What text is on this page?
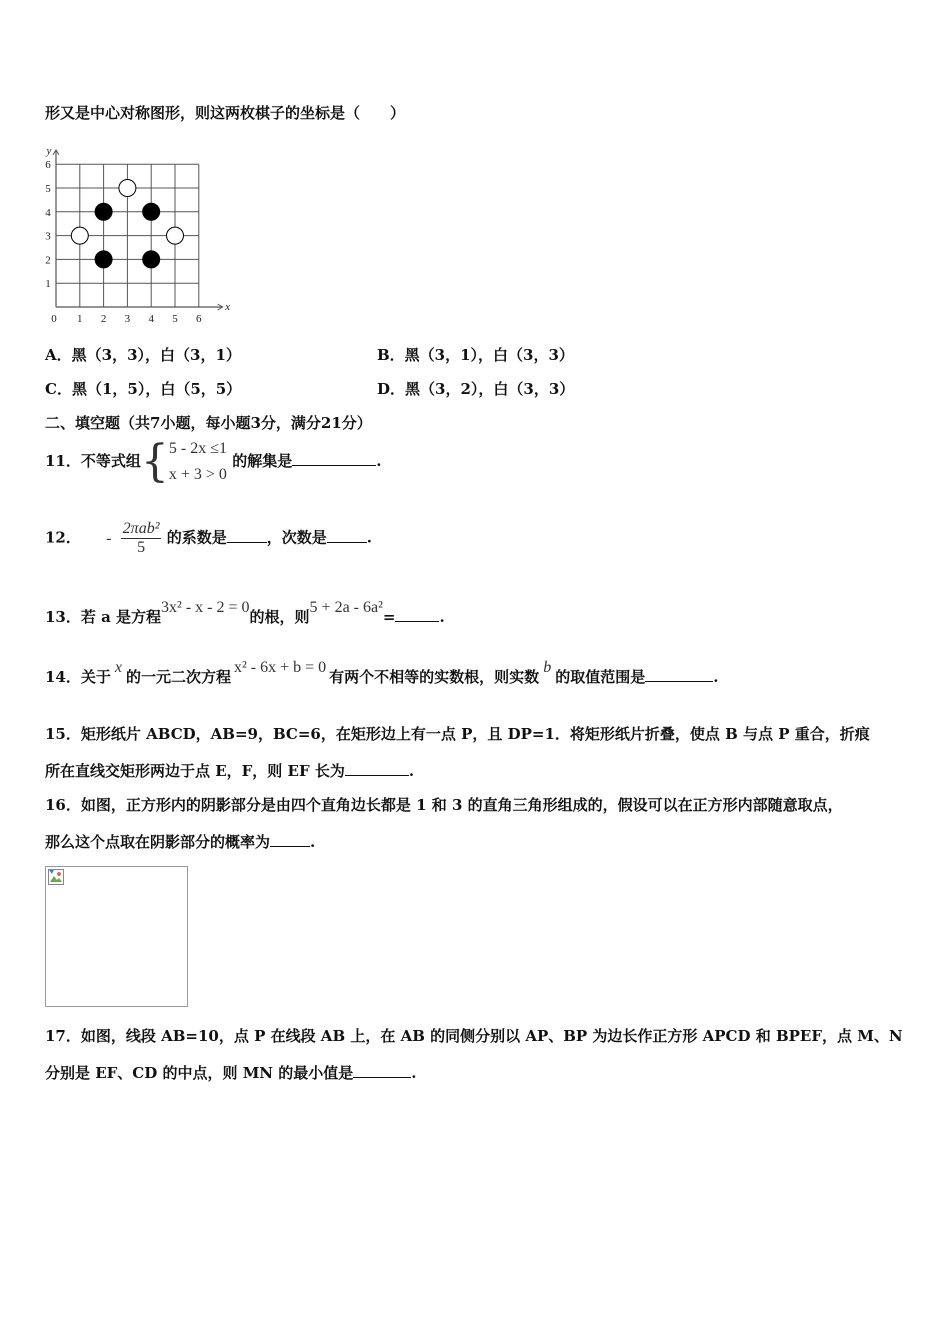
形又是中心对称图形，则这两枚棋子的坐标是（　　）
0 1 2 3 4 5 6
1
2
3
4
5
6
x
y
A．黑（3，3），白（3，1）	B．黑（3，1），白（3，3）
C．黑（1，5），白（5，5）	D．黑（3，2），白（3，3）
二、填空题（共7小题，每小题3分，满分21分）
11．不等式组{ 5 - 2x ≤1
x + 3 > 0
的解集是	.
12． - $\frac{\text{2πab²}}{5}$ 的系数是	，次数是	.
13．若 a 是方程3x² - x - 2 = 0的根，则5 + 2a - 6a²=	.
14．关于x的一元二次方程x² - 6x + b = 0有两个不相等的实数根，则实数b的取值范围是	.
15．矩形纸片 ABCD，AB=9，BC=6，在矩形边上有一点 P，且 DP=1．将矩形纸片折叠，使点 B 与点 P 重合，折痕
所在直线交矩形两边于点 E，F，则 EF 长为	.
16．如图，正方形内的阴影部分是由四个直角边长都是 1 和 3 的直角三角形组成的，假设可以在正方形内部随意取点，
那么这个点取在阴影部分的概率为	.
17．如图，线段 AB=10，点 P 在线段 AB 上，在 AB 的同侧分别以 AP、BP 为边长作正方形 APCD 和 BPEF，点 M、N
分别是 EF、CD 的中点，则 MN 的最小值是	.
